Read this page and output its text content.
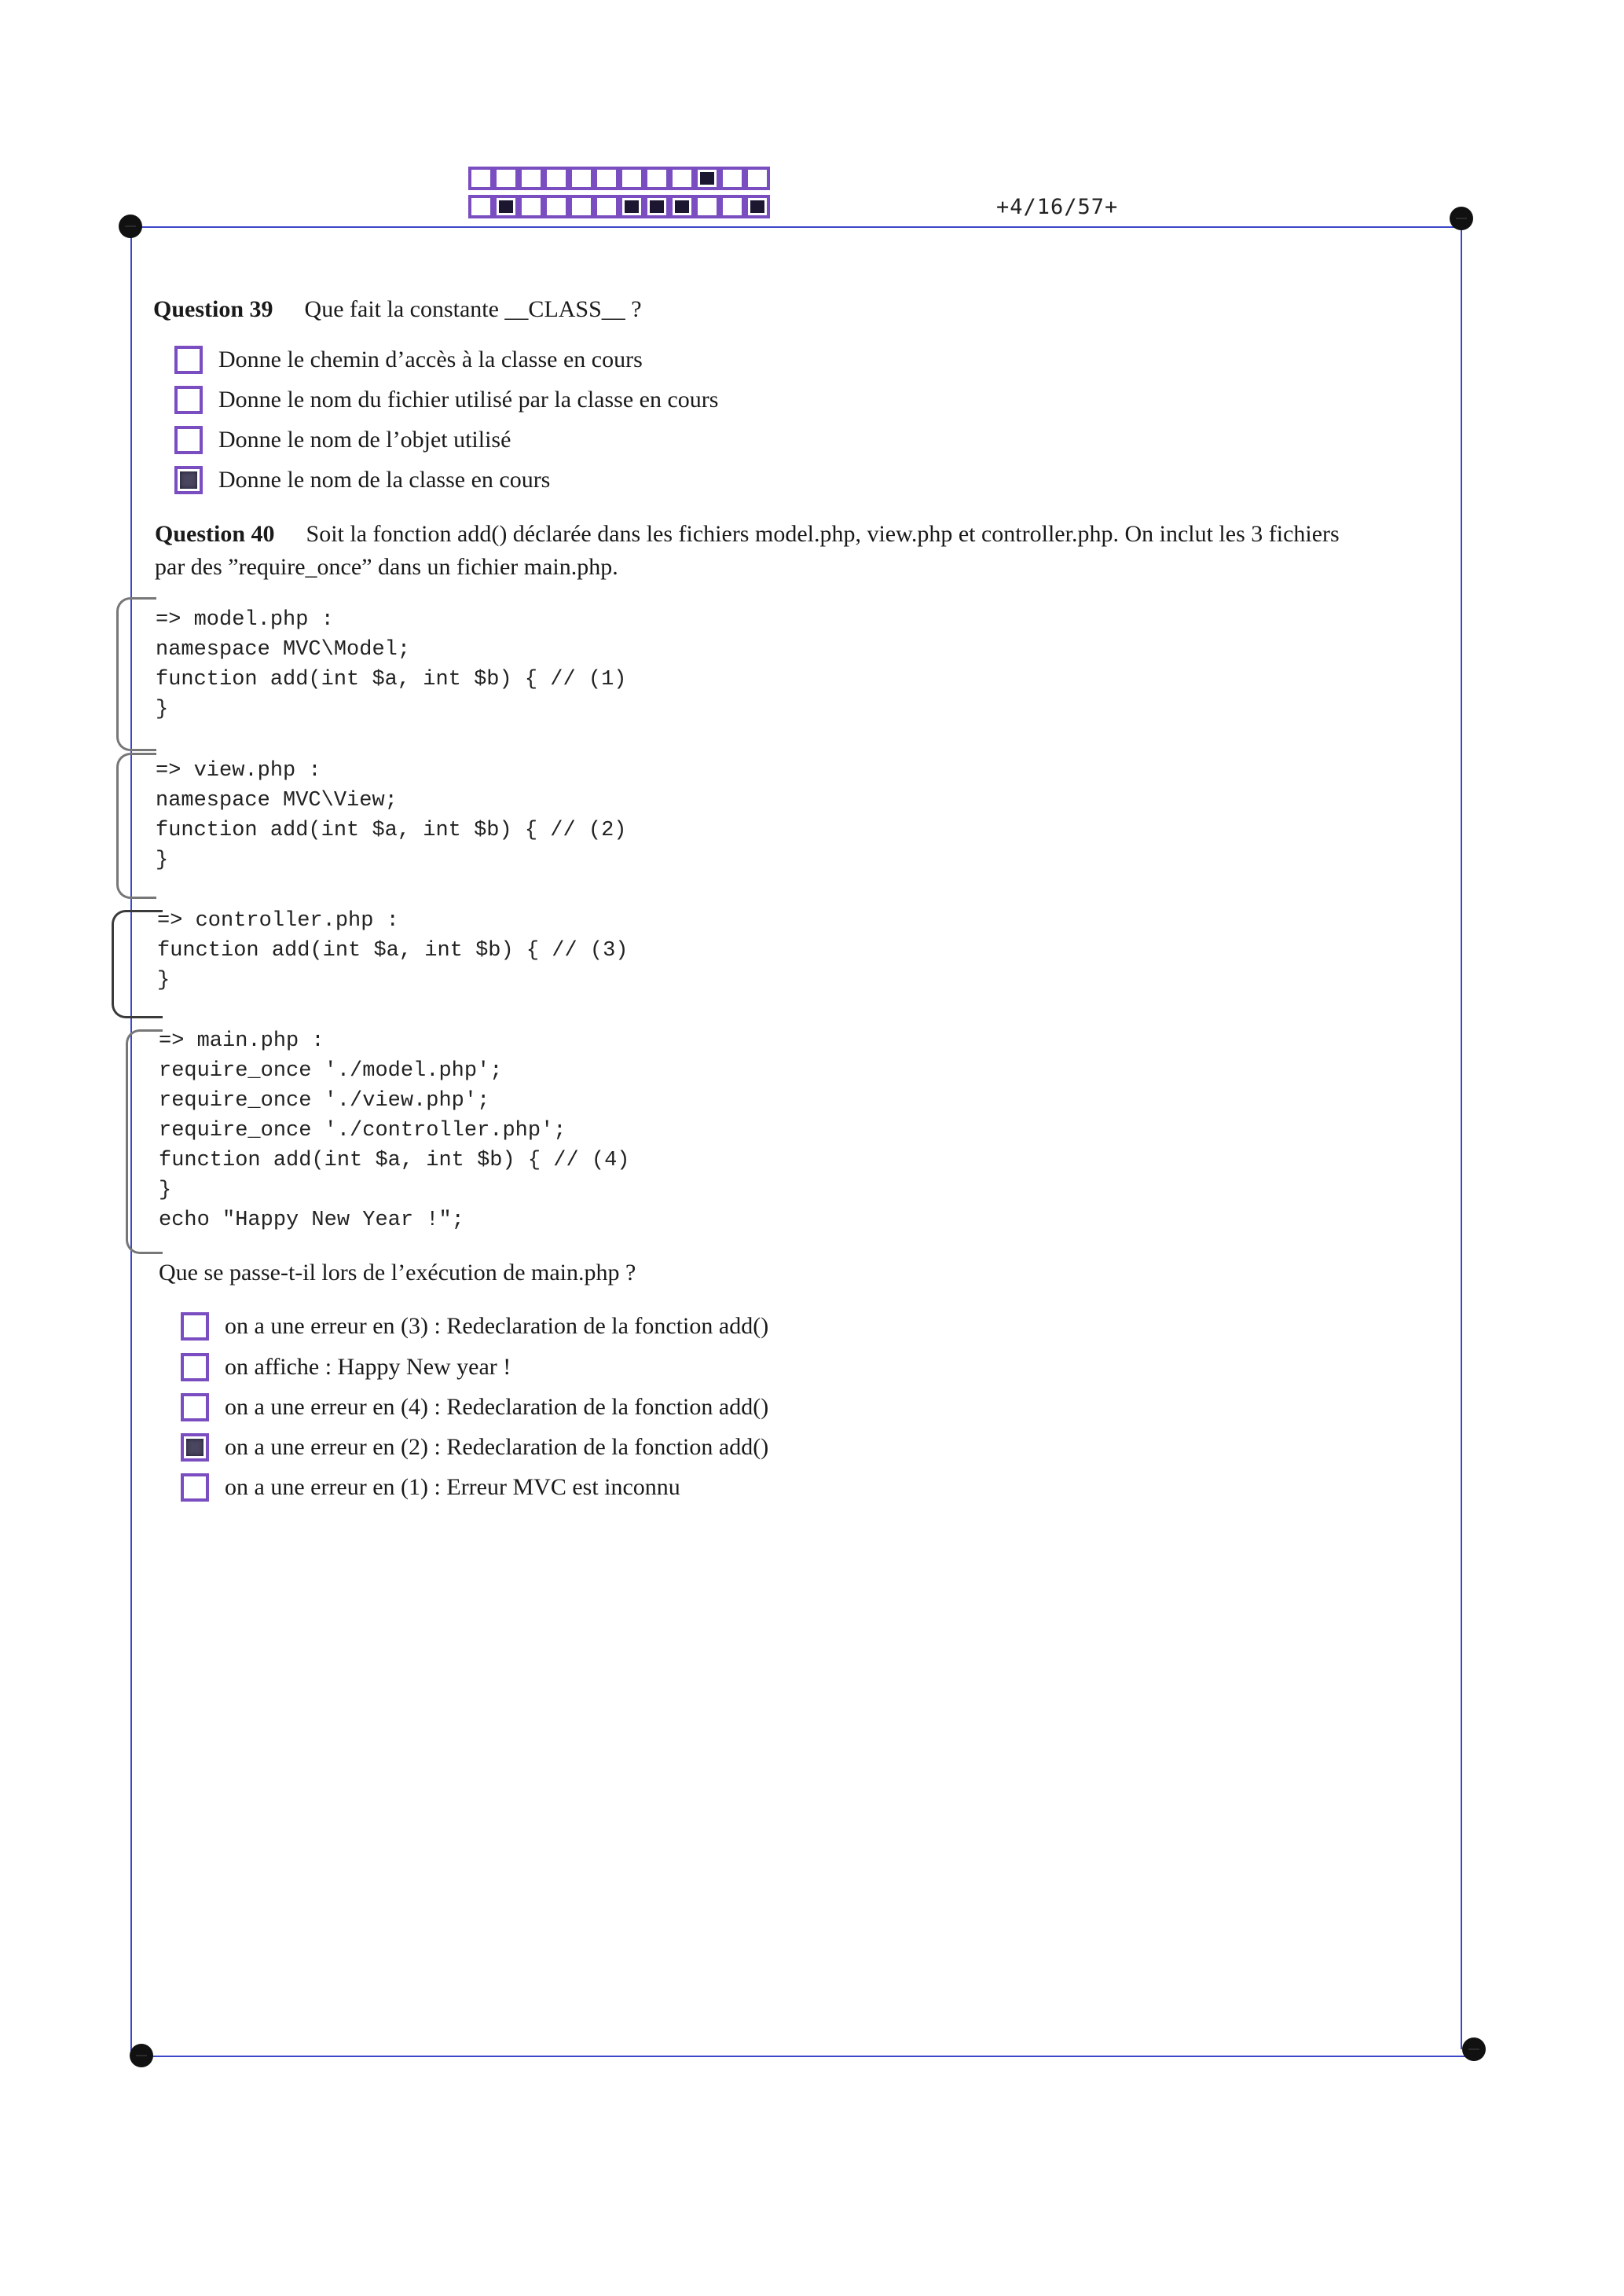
+4/16/57+
Question 39 Que fait la constante __CLASS__ ?
Donne le chemin d’accès à la classe en cours
Donne le nom du fichier utilisé par la classe en cours
Donne le nom de l’objet utilisé
Donne le nom de la classe en cours
Question 40 Soit la fonction add() déclarée dans les fichiers model.php, view.php et controller.php. On inclut les 3 fichiers
par des ”require_once” dans un fichier main.php.
=> model.php :
namespace MVC\Model;
function add(int $a, int $b) { // (1)
}
=> view.php :
namespace MVC\View;
function add(int $a, int $b) { // (2)
}
=> controller.php :
function add(int $a, int $b) { // (3)
}
=> main.php :
require_once './model.php';
require_once './view.php';
require_once './controller.php';
function add(int $a, int $b) { // (4)
}
echo "Happy New Year !";
Que se passe-t-il lors de l’exécution de main.php ?
on a une erreur en (3) : Redeclaration de la fonction add()
on affiche : Happy New year !
on a une erreur en (4) : Redeclaration de la fonction add()
on a une erreur en (2) : Redeclaration de la fonction add()
on a une erreur en (1) : Erreur MVC est inconnu
